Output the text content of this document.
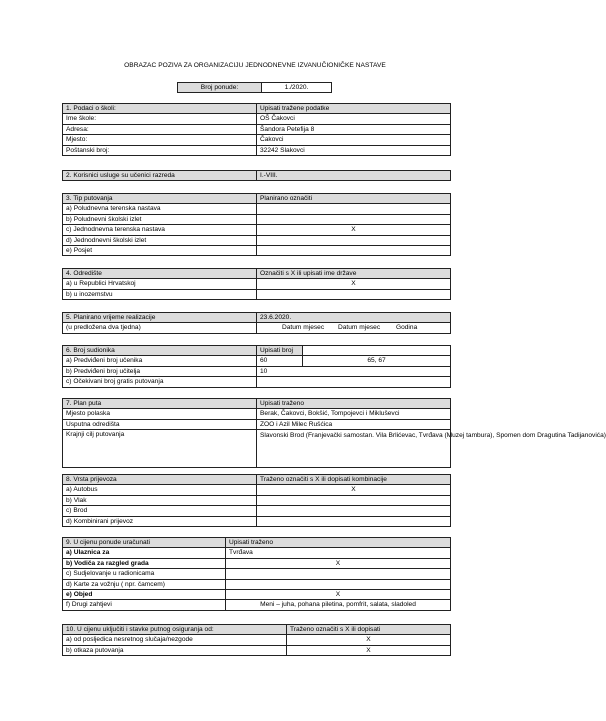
OBRAZAC POZIVA ZA ORGANIZACIJU JEDNODNEVNE IZVANUČIONIČKE NASTAVE
Broj ponude:	1./2020.
1. Podaci o školi:	Upisati tražene podatke
Ime škole:	OŠ Čakovci
Adresa:	Šandora Petefija 8
Mjesto:	Čakovci
Poštanski broj:	32242 Slakovci
2. Korisnici usluge su učenici razreda	I.-VIII.
3. Tip putovanja	Planirano označiti
a) Poludnevna terenska nastava	
b) Poludnevni školski izlet	
c) Jednodnevna terenska nastava	X
d) Jednodnevni školski izlet	
e) Posjet	
4. Odredište	Označiti s X ili upisati ime države
a) u Republici Hrvatskoj	X
b) u inozemstvu	
5. Planirano vrijeme realizacije	23.6.2020.
(u predložena dva tjedna)	Datum mjesec Datum mjesec Godina
6. Broj sudionika	Upisati broj	
a) Predviđeni broj učenika	60	65, 67
b) Predviđeni broj učitelja	10	
c) Očekivani broj gratis putovanja		
7. Plan puta	Upisati traženo
Mjesto polaska	Berak, Čakovci, Bokšić, Tompojevci i Mikluševci
Usputna odredišta	ZOO i Azil Milec Rušćica
Krajnji cilj putovanja	Slavonski Brod (Franjevački samostan. Vila Brlićevac, Tvrđava (Muzej tambura), Spomen dom Dragutina Tadijanovića)
8. Vrsta prijevoza	Traženo označiti s X ili dopisati kombinacije
a) Autobus	X
b) Vlak	
c) Brod	
d) Kombinirani prijevoz	
9. U cijenu ponude uračunati	Upisati traženo
a) Ulaznica za	Tvrđava
b) Vodiča za razgled grada	X
c) Sudjelovanje u radionicama	
d) Karte za vožnju ( npr. čamcem)	
e) Objed	X
f) Drugi zahtjevi	Meni – juha, pohana piletina, pomfrit, salata, sladoled
10. U cijenu uključiti i stavke putnog osiguranja od:	Traženo označiti s X ili dopisati
a) od posljedica nesretnog slučaja/nezgode	X
b) otkaza putovanja	X
